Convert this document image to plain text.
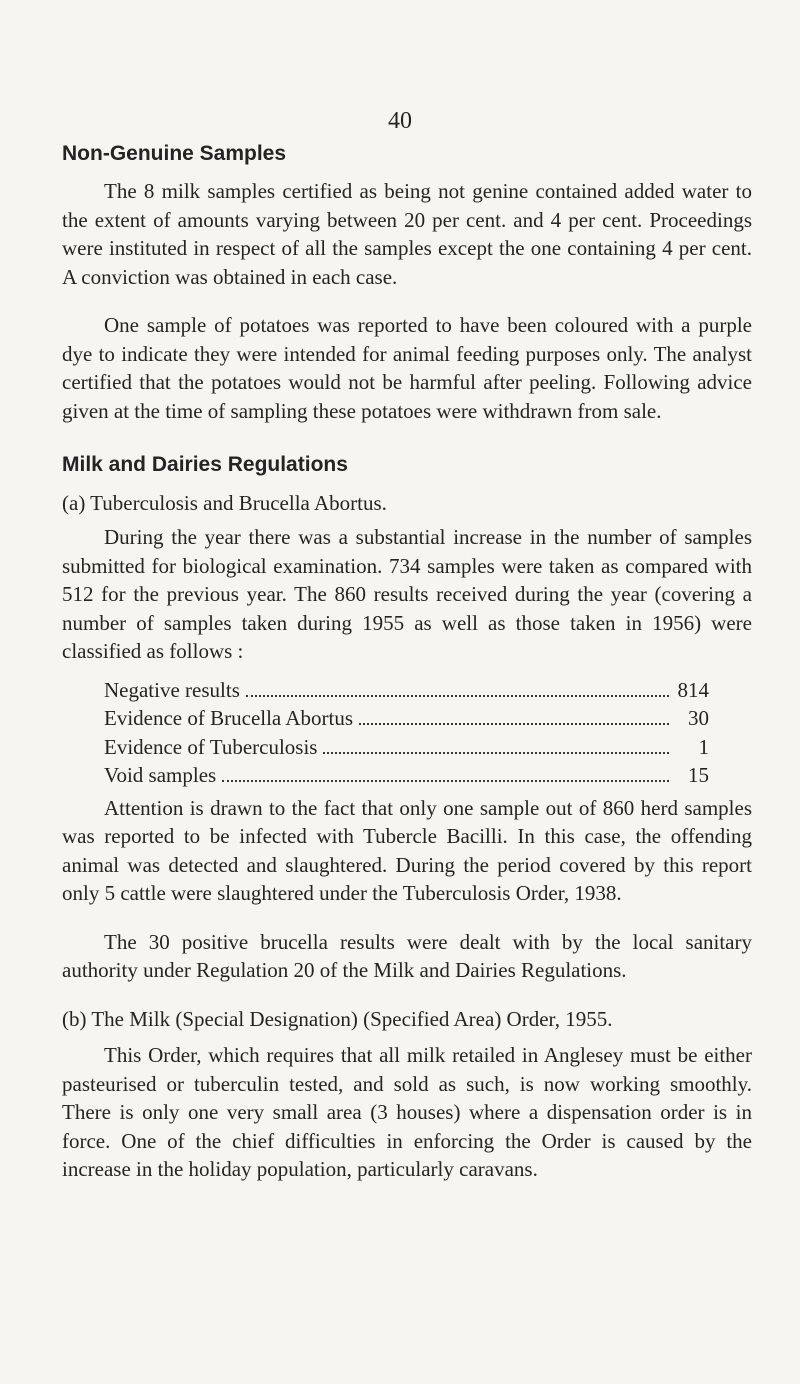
40
Non-Genuine Samples

The 8 milk samples certified as being not genine contained added water to the extent of amounts varying between 20 per cent. and 4 per cent. Proceedings were instituted in respect of all the samples except the one containing 4 per cent. A conviction was obtained in each case.

One sample of potatoes was reported to have been coloured with a purple dye to indicate they were intended for animal feeding purposes only. The analyst certified that the potatoes would not be harmful after peeling. Following advice given at the time of sampling these potatoes were withdrawn from sale.

Milk and Dairies Regulations
(a) Tuberculosis and Brucella Abortus.

During the year there was a substantial increase in the number of samples submitted for biological examination. 734 samples were taken as compared with 512 for the previous year. The 860 results received during the year (covering a number of samples taken during 1955 as well as those taken in 1956) were classified as follows :

Negative results	814
Evidence of Brucella Abortus	30
Evidence of Tuberculosis	1
Void samples	15

Attention is drawn to the fact that only one sample out of 860 herd samples was reported to be infected with Tubercle Bacilli. In this case, the offending animal was detected and slaughtered. During the period covered by this report only 5 cattle were slaughtered under the Tuberculosis Order, 1938.

The 30 positive brucella results were dealt with by the local sanitary authority under Regulation 20 of the Milk and Dairies Regulations.

(b) The Milk (Special Designation) (Specified Area) Order, 1955.

This Order, which requires that all milk retailed in Anglesey must be either pasteurised or tuberculin tested, and sold as such, is now working smoothly. There is only one very small area (3 houses) where a dispensation order is in force. One of the chief difficulties in enforcing the Order is caused by the increase in the holiday population, particularly caravans.
